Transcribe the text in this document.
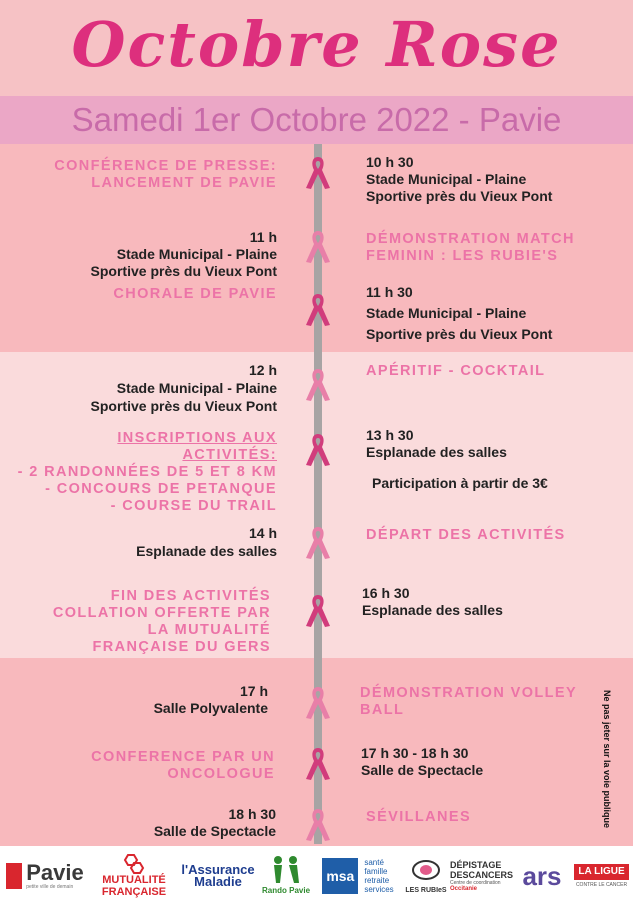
Octobre Rose
Samedi 1er Octobre 2022 - Pavie
CONFÉRENCE DE PRESSE:
LANCEMENT DE PAVIE
10 h 30
Stade Municipal - Plaine
Sportive près du Vieux Pont
11 h
Stade Municipal - Plaine
Sportive près du Vieux Pont
DÉMONSTRATION MATCH
FEMININ : LES RUBIE'S
CHORALE DE PAVIE	11 h 30
Stade Municipal - Plaine
Sportive près du Vieux Pont
12 h
Stade Municipal - Plaine
Sportive près du Vieux Pont
APÉRITIF - COCKTAIL
INSCRIPTIONS AUX
ACTIVITÉS:
- 2 RANDONNÉES DE 5 ET 8 KM
- CONCOURS DE PETANQUE
- COURSE DU TRAIL
13 h 30
Esplanade des salles
Participation à partir de 3€
14 h
Esplanade des salles
DÉPART DES ACTIVITÉS
FIN DES ACTIVITÉS
COLLATION OFFERTE PAR
LA MUTUALITÉ
FRANÇAISE DU GERS
16 h 30
Esplanade des salles
17 h
Salle Polyvalente
DÉMONSTRATION VOLLEY
BALL
CONFERENCE PAR UN
ONCOLOGUE
17 h 30 - 18 h 30
Salle de Spectacle
18 h 30
Salle de Spectacle
SÉVILLANES	Ne pas jeter sur la voie publique
Pavie
petite ville de demain
MUTUALITÉ
FRANÇAISE
l'Assurance
Maladie
Rando Pavie
msa
santé
famille
retraite
services LES RUBIeS
DÉPISTAGE
DESCANCERS
Centre de coordination
Occitanie ars	LA LIGUE
CONTRE LE CANCER
